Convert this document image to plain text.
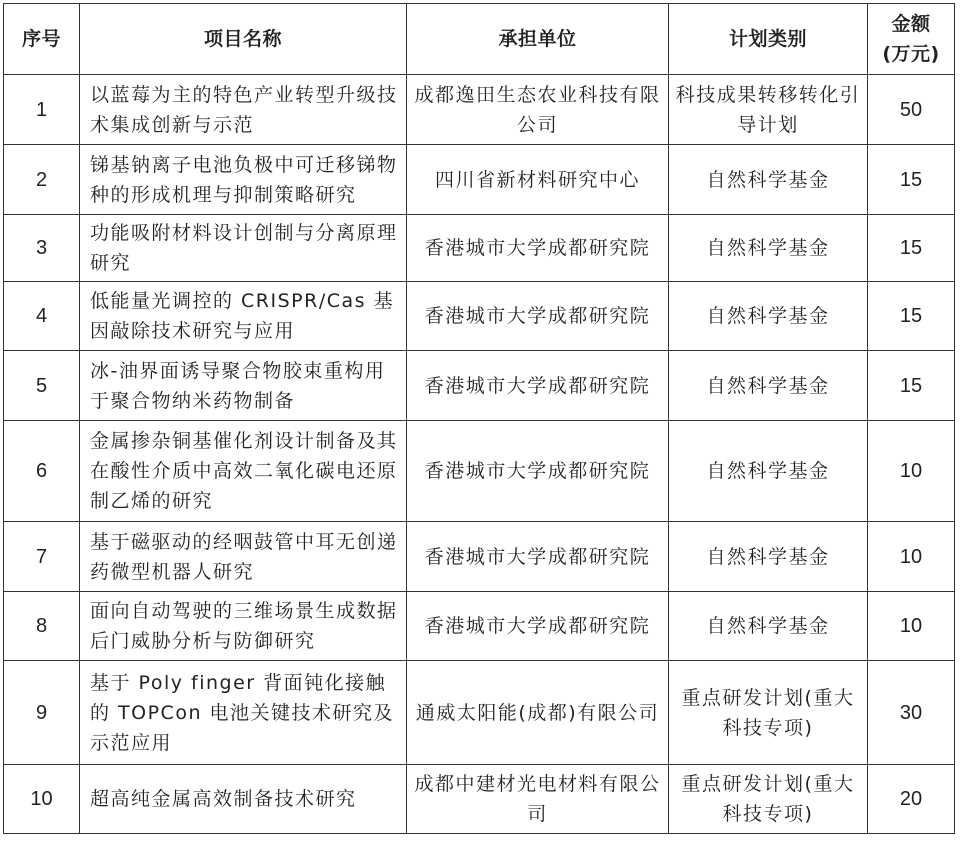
序号	项目名称	承担单位	计划类别	金额
(万元)

1	以蓝莓为主的特色产业转型升级技术集成创新与示范	成都逸田生态农业科技有限公司	科技成果转移转化引导计划	50
2	锑基钠离子电池负极中可迁移锑物种的形成机理与抑制策略研究	四川省新材料研究中心	自然科学基金	15
3	功能吸附材料设计创制与分离原理研究	香港城市大学成都研究院	自然科学基金	15
4	低能量光调控的 CRISPR/Cas 基因敲除技术研究与应用	香港城市大学成都研究院	自然科学基金	15
5	冰-油界面诱导聚合物胶束重构用于聚合物纳米药物制备	香港城市大学成都研究院	自然科学基金	15
6	金属掺杂铜基催化剂设计制备及其在酸性介质中高效二氧化碳电还原制乙烯的研究	香港城市大学成都研究院	自然科学基金	10
7	基于磁驱动的经咽鼓管中耳无创递药微型机器人研究	香港城市大学成都研究院	自然科学基金	10
8	面向自动驾驶的三维场景生成数据后门威胁分析与防御研究	香港城市大学成都研究院	自然科学基金	10
9	基于 Poly finger 背面钝化接触的 TOPCon 电池关键技术研究及示范应用	通威太阳能(成都)有限公司	重点研发计划(重大科技专项)	30
10	超高纯金属高效制备技术研究	成都中建材光电材料有限公司	重点研发计划(重大科技专项)	20
